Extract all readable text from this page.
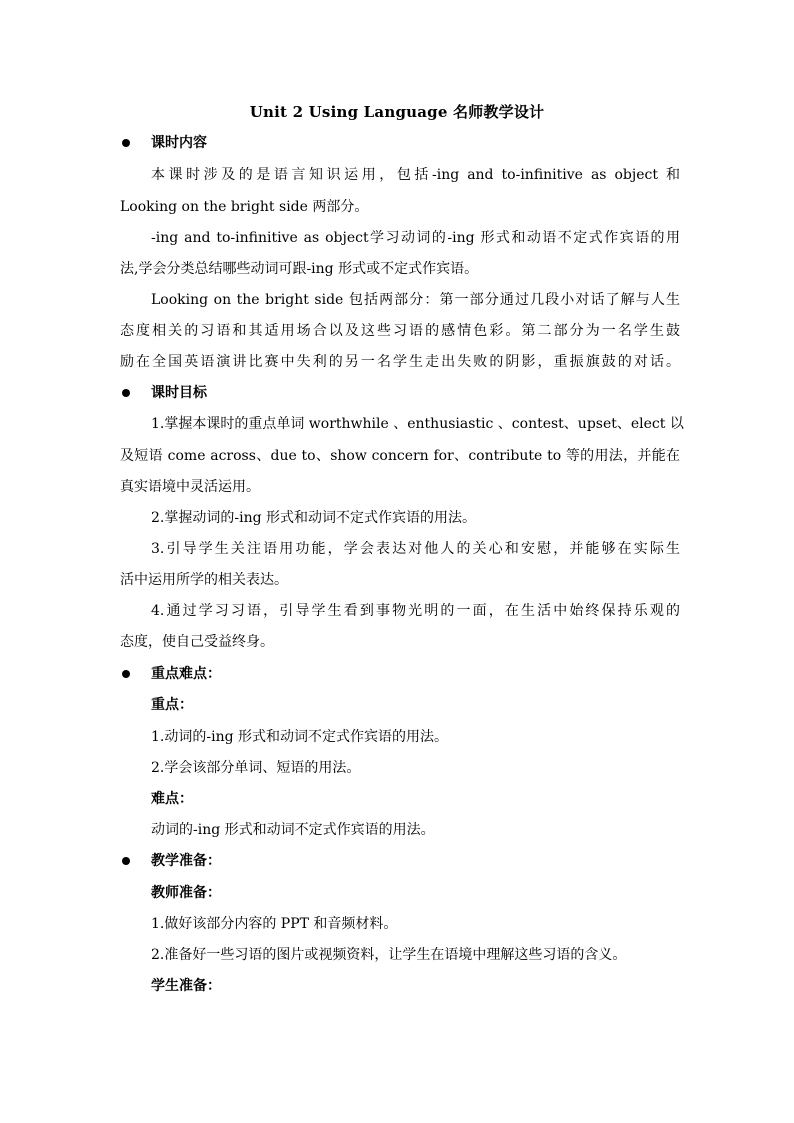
Unit 2 Using Language 名师教学设计
课时内容
本课时涉及的是语言知识运用，包括-ing and to-infinitive as object 和
Looking on the bright side 两部分。
-ing and to-infinitive as object学习动词的-ing 形式和动语不定式作宾语的用
法,学会分类总结哪些动词可跟-ing 形式或不定式作宾语。
Looking on the bright side 包括两部分：第一部分通过几段小对话了解与人生
态度相关的习语和其适用场合以及这些习语的感情色彩。第二部分为一名学生鼓
励在全国英语演讲比赛中失利的另一名学生走出失败的阴影，重振旗鼓的对话。
课时目标
1.掌握本课时的重点单词 worthwhile 、enthusiastic 、contest、upset、elect 以
及短语 come across、due to、show concern for、contribute to 等的用法，并能在
真实语境中灵活运用。
2.掌握动词的-ing 形式和动词不定式作宾语的用法。
3.引导学生关注语用功能，学会表达对他人的关心和安慰，并能够在实际生
活中运用所学的相关表达。
4.通过学习习语，引导学生看到事物光明的一面，在生活中始终保持乐观的
态度，使自己受益终身。
重点难点：
重点：
1.动词的-ing 形式和动词不定式作宾语的用法。
2.学会该部分单词、短语的用法。
难点：
动词的-ing 形式和动词不定式作宾语的用法。
教学准备：
教师准备：
1.做好该部分内容的 PPT 和音频材料。
2.准备好一些习语的图片或视频资料，让学生在语境中理解这些习语的含义。
学生准备：
